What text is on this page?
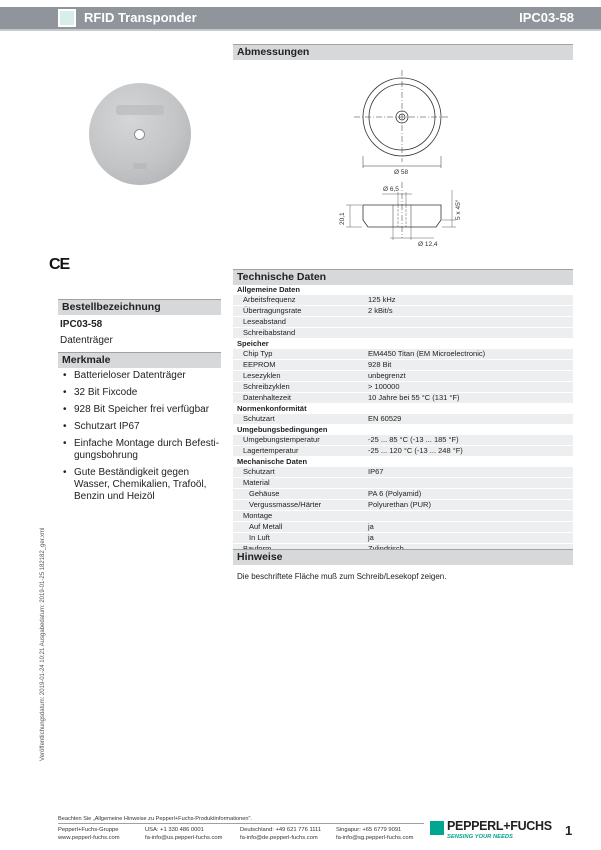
RFID Transponder	IPC03-58
CE
Bestellbezeichnung
IPC03-58
Datenträger
Merkmale
• Batterieloser Datenträger
• 32 Bit Fixcode
• 928 Bit Speicher frei verfügbar
• Schutzart IP67
• Einfache Montage durch Befesti-gungsbohrung
• Gute Beständigkeit gegen Wasser, Chemikalien, Trafoöl, Benzin und Heizöl
Veröffentlichungsdatum: 2019-01-24 10:21 Ausgabedatum: 2019-01-25 182182_ger.xml
Abmessungen
Ø 58
Ø 6,5
Ø 12,4
20,1	5 x 45°
Technische Daten
Allgemeine Daten	
Arbeitsfrequenz	125 kHz
Übertragungsrate	2 kBit/s
Leseabstand	
Schreibabstand	
Speicher	
Chip Typ	EM4450 Titan (EM Microelectronic)
EEPROM	928 Bit
Lesezyklen	unbegrenzt
Schreibzyklen	> 100000
Datenhaltezeit	10 Jahre bei 55 °C (131 °F)
Normenkonformität	
Schutzart	EN 60529
Umgebungsbedingungen	
Umgebungstemperatur	-25 ... 85 °C (-13 ... 185 °F)
Lagertemperatur	-25 ... 120 °C (-13 ... 248 °F)
Mechanische Daten	
Schutzart	IP67
Material	
Gehäuse	PA 6 (Polyamid)
Vergussmasse/Härter	Polyurethan (PUR)
Montage	
Auf Metall	ja
In Luft	ja

Hinweise
Die beschriftete Fläche muß zum Schreib/Lesekopf zeigen.
Beachten Sie „Allgemeine Hinweise zu Pepperl+Fuchs-Produktinformationen".
Pepperl+Fuchs-Gruppe
www.pepperl-fuchs.com
USA: +1 330 486 0001
fa-info@us.pepperl-fuchs.com
Deutschland: +49 621 776 1111
fa-info@de.pepperl-fuchs.com
Singapur: +65 6779 9091
fa-info@sg.pepperl-fuchs.com
PEPPERL+FUCHS
SENSING YOUR NEEDS	1
